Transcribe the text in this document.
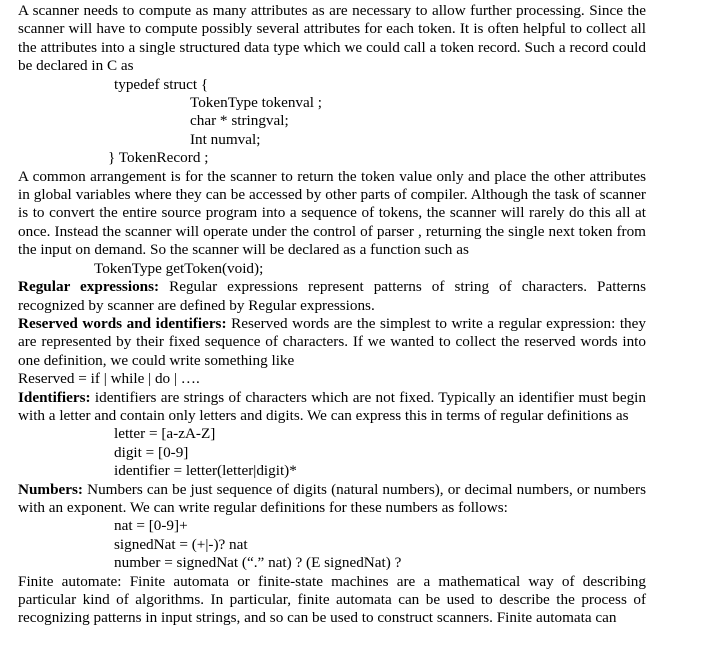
A scanner needs to compute as many attributes as are necessary to allow further processing. Since the scanner will have to compute possibly several attributes for each token. It is often helpful to collect all the attributes into a single structured data type which we could call a token record. Such a record could be declared in C as

typedef struct {
TokenType tokenval ;
char * stringval;
Int numval;
} TokenRecord ;

A common arrangement is for the scanner to return the token value only and place the other attributes in global variables where they can be accessed by other parts of compiler. Although the task of scanner is to convert the entire source program into a sequence of tokens, the scanner will rarely do this all at once. Instead the scanner will operate under the control of parser , returning the single next token from the input on demand. So the scanner will be declared as a function such as

TokenType getToken(void);

Regular expressions: Regular expressions represent patterns of string of characters. Patterns recognized by scanner are defined by Regular expressions.

Reserved words and identifiers: Reserved words are the simplest to write a regular expression: they are represented by their fixed sequence of characters. If we wanted to collect the reserved words into one definition, we could write something like

Reserved = if | while | do | ….

Identifiers: identifiers are strings of characters which are not fixed. Typically an identifier must begin with a letter and contain only letters and digits. We can express this in terms of regular definitions as

letter = [a-zA-Z]
digit = [0-9]
identifier = letter(letter|digit)*

Numbers: Numbers can be just sequence of digits (natural numbers), or decimal numbers, or numbers with an exponent. We can write regular definitions for these numbers as follows:

nat = [0-9]+
signedNat = (+|-)? nat
number = signedNat (“.” nat) ? (E signedNat) ?

Finite automate: Finite automata or finite-state machines are a mathematical way of describing particular kind of algorithms. In particular, finite automata can be used to describe the process of recognizing patterns in input strings, and so can be used to construct scanners. Finite automata can
